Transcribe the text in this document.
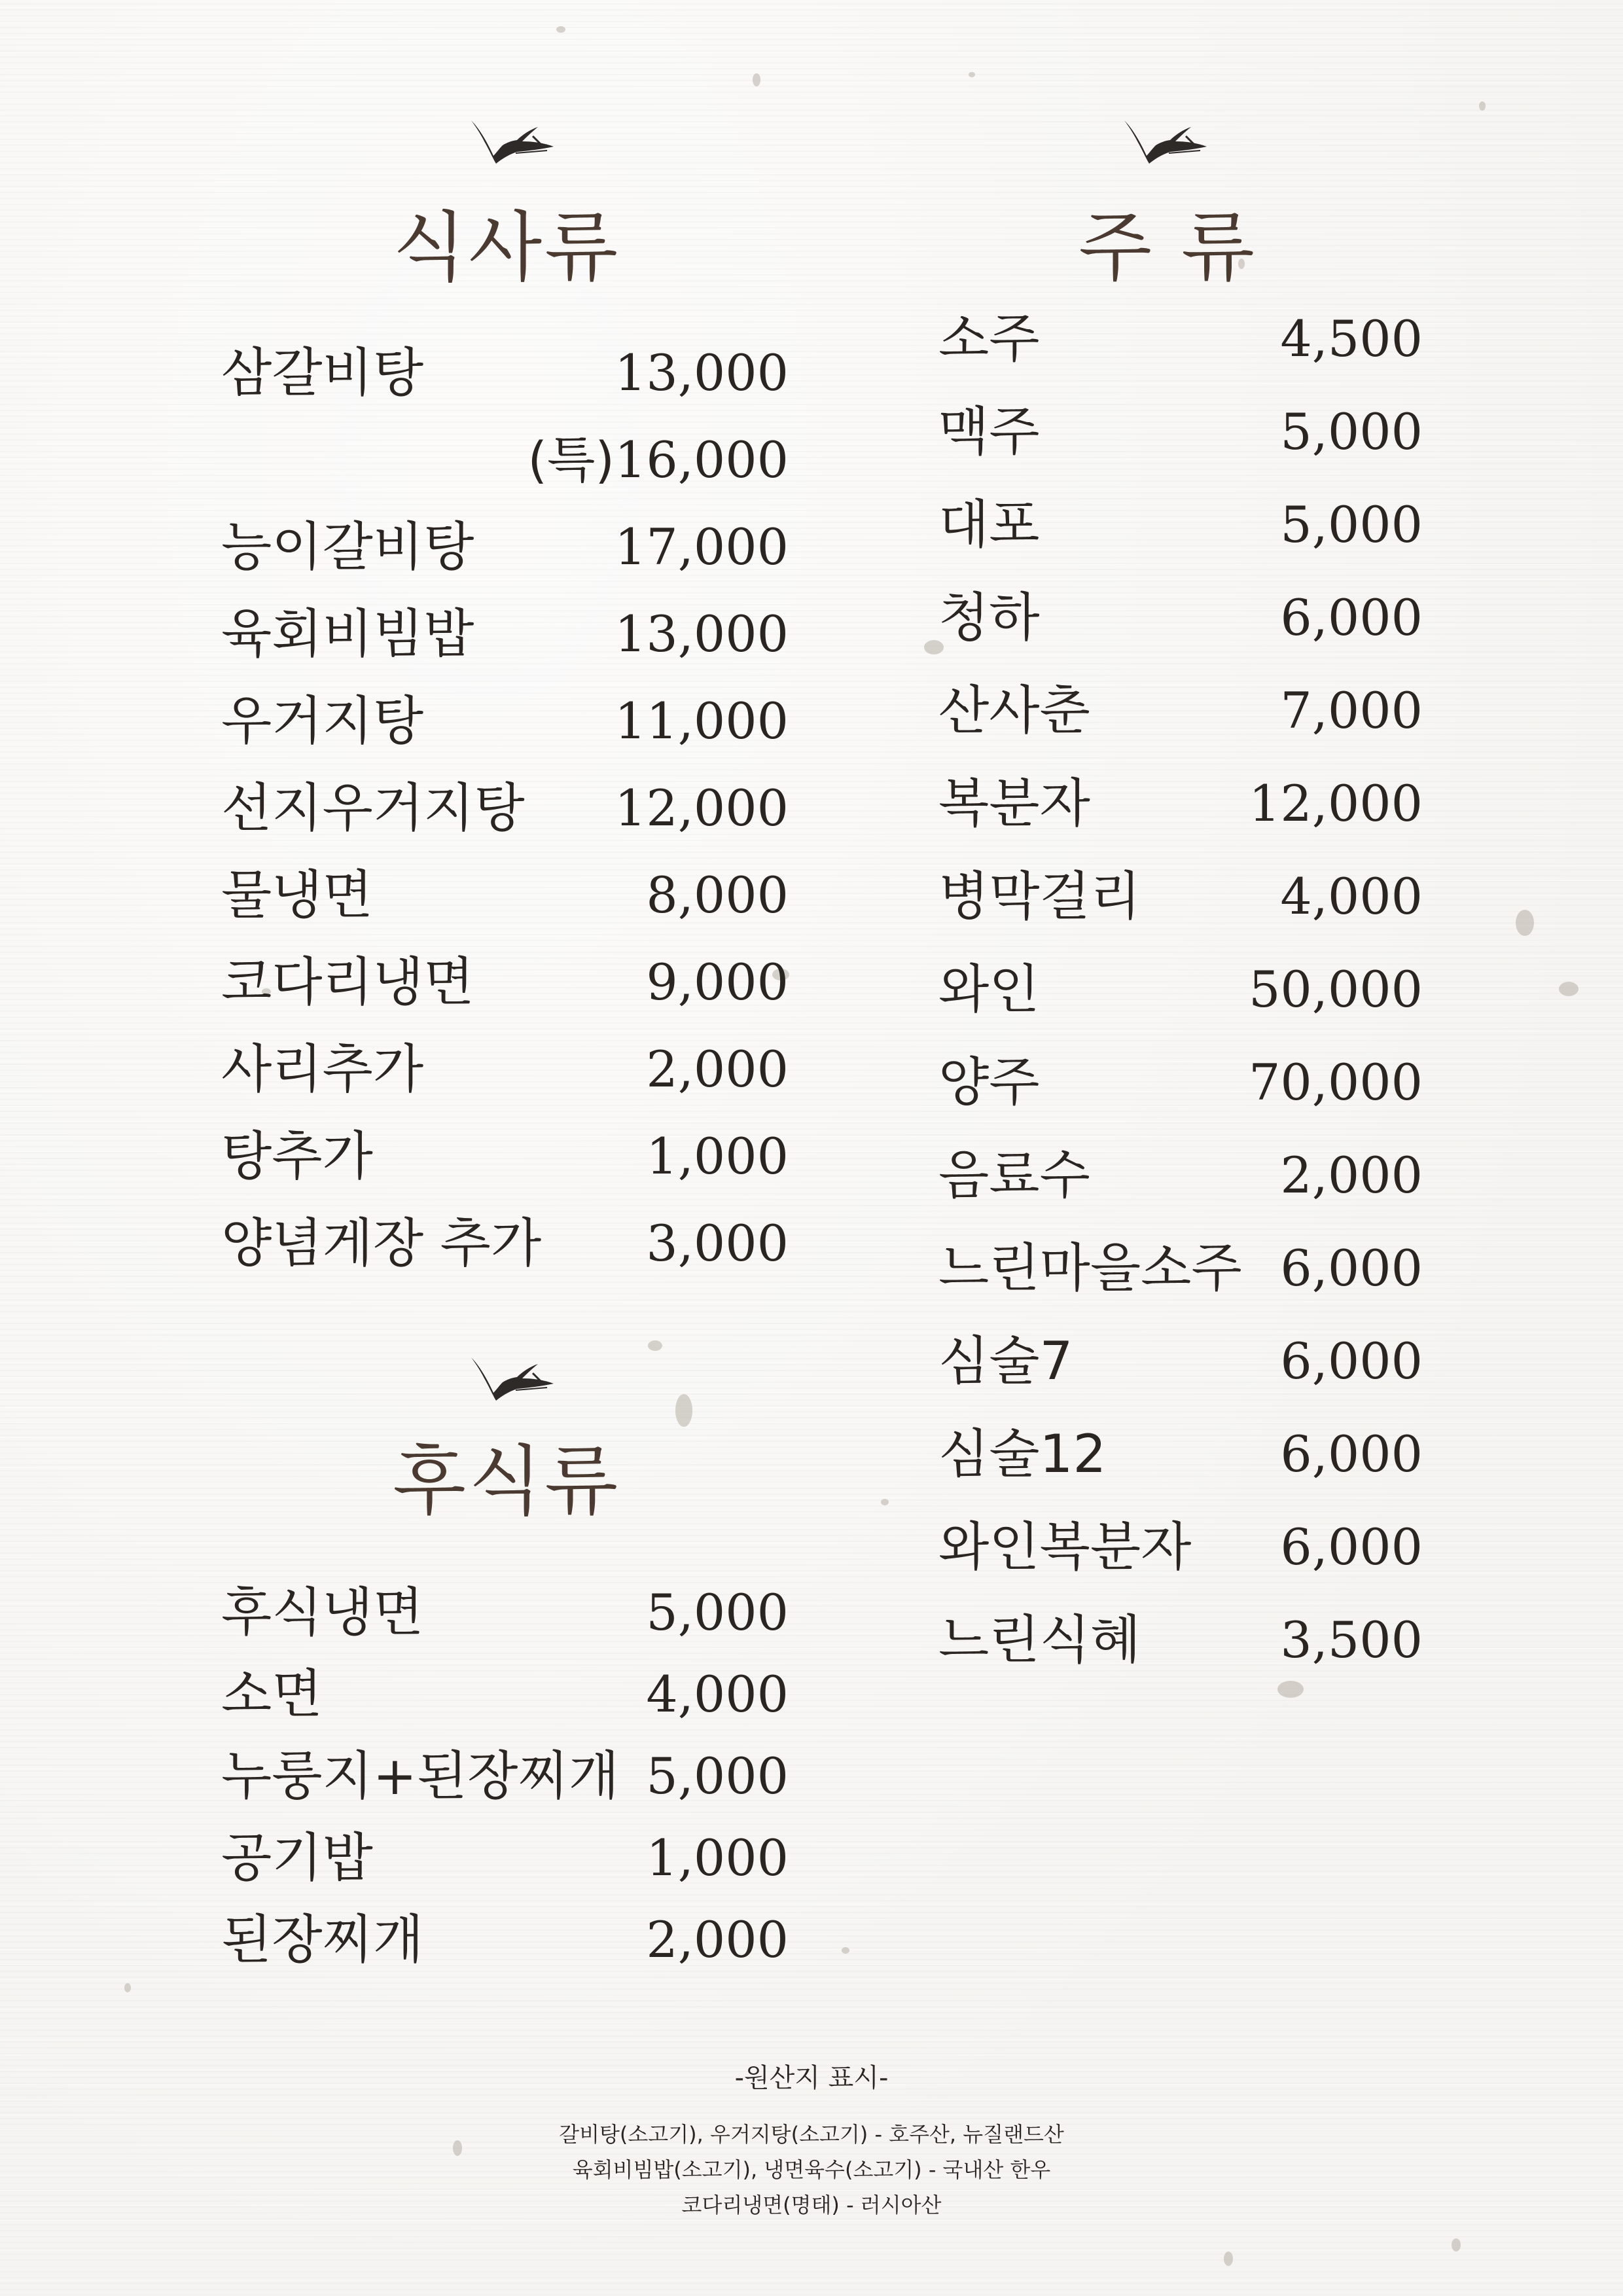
식사류	주 류
후식류
삼갈비탕	13,000
(특)16,000
능이갈비탕	17,000
육회비빔밥	13,000
우거지탕	11,000
선지우거지탕 12,000
물냉면	8,000
코다리냉면	9,000
사리추가	2,000
탕추가	1,000
양념게장 추가 3,000
후식냉면	5,000
소면	4,000
누룽지+된장찌개 5,000
공기밥	1,000
된장찌개	2,000
소주	4,500
맥주	5,000
대포	5,000
청하	6,000
산사춘	7,000
복분자	12,000
병막걸리	4,000
와인	50,000
양주	70,000
음료수	2,000
느린마을소주 6,000
심술7	6,000
심술12	6,000
와인복분자 6,000
느린식혜	3,500
-원산지 표시-
갈비탕(소고기), 우거지탕(소고기) - 호주산, 뉴질랜드산
육회비빔밥(소고기), 냉면육수(소고기) - 국내산 한우
코다리냉면(명태) - 러시아산
